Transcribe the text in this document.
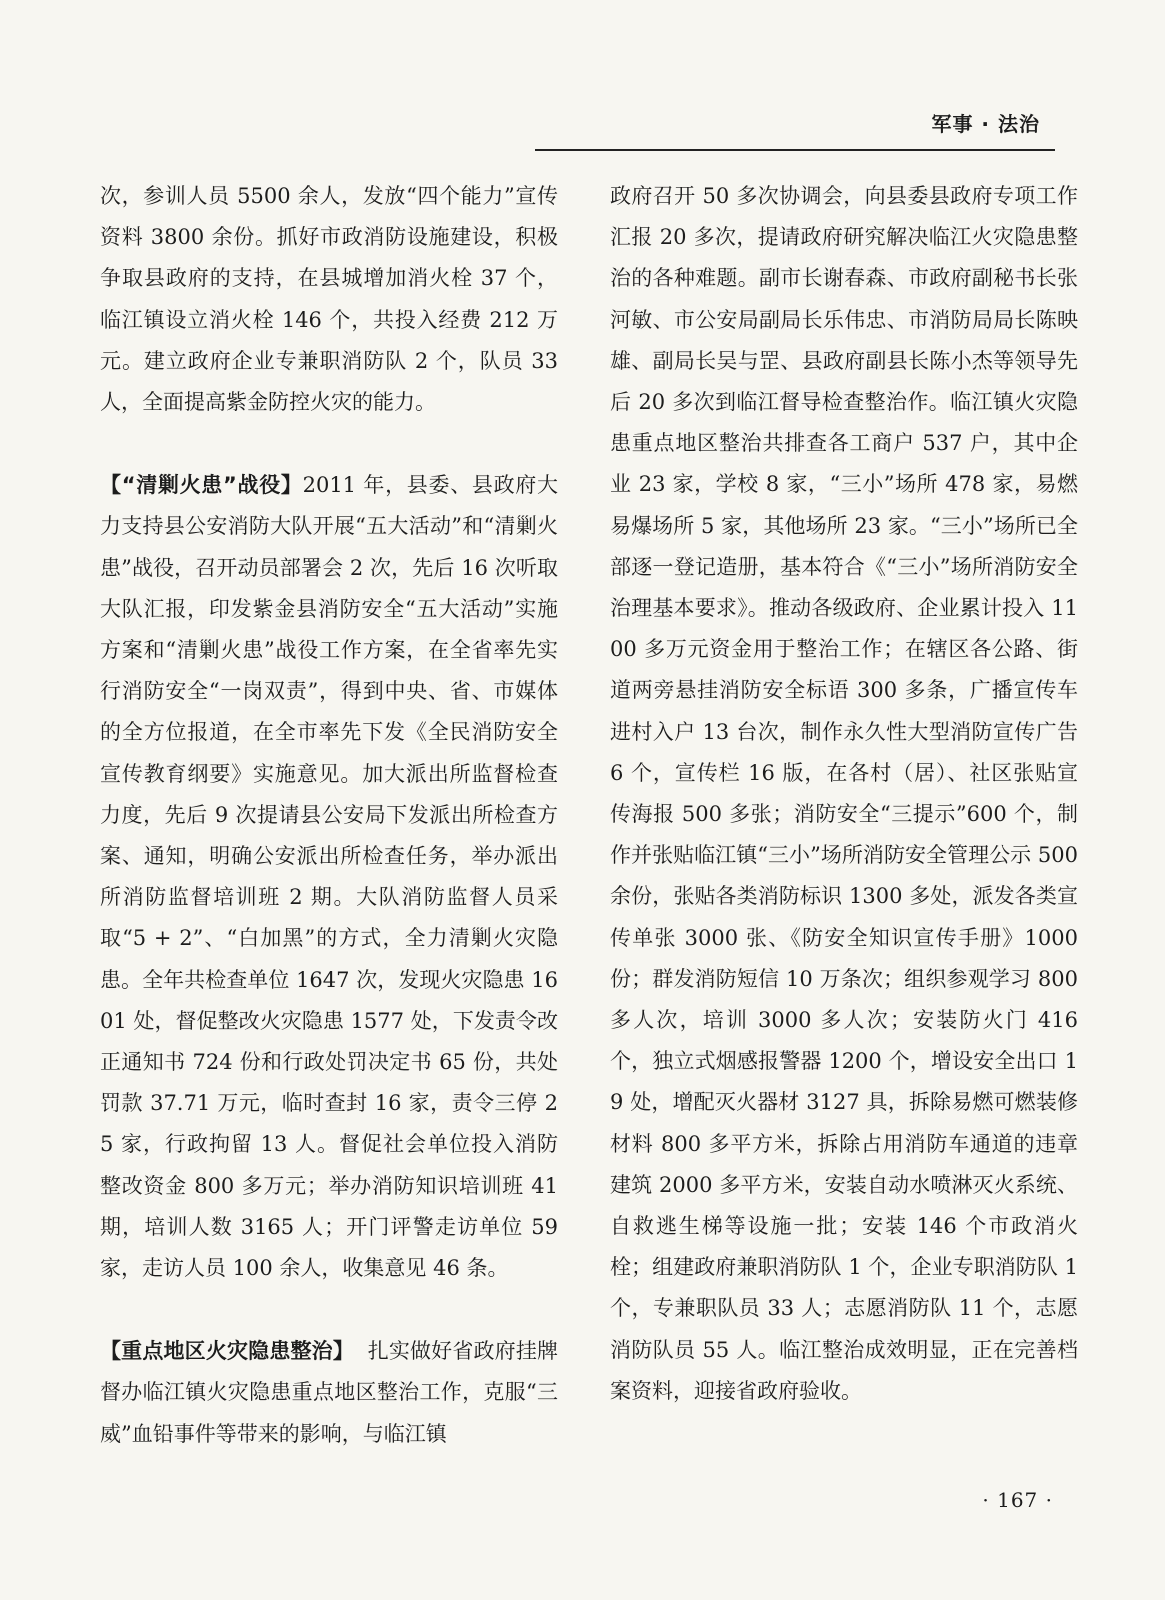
军事 · 法治

次，参训人员 5500 余人，发放“四个能力”宣传资料 3800 余份。抓好市政消防设施建设，积极争取县政府的支持，在县城增加消火栓 37 个，临江镇设立消火栓 146 个，共投入经费 212 万元。建立政府企业专兼职消防队 2 个，队员 33 人，全面提高紫金防控火灾的能力。

【“清剿火患”战役】2011 年，县委、县政府大力支持县公安消防大队开展“五大活动”和“清剿火患”战役，召开动员部署会 2 次，先后 16 次听取大队汇报，印发紫金县消防安全“五大活动”实施方案和“清剿火患”战役工作方案，在全省率先实行消防安全“一岗双责”，得到中央、省、市媒体的全方位报道，在全市率先下发《全民消防安全宣传教育纲要》实施意见。加大派出所监督检查力度，先后 9 次提请县公安局下发派出所检查方案、通知，明确公安派出所检查任务，举办派出所消防监督培训班 2 期。大队消防监督人员采取“5 + 2”、“白加黑”的方式，全力清剿火灾隐患。全年共检查单位 1647 次，发现火灾隐患 1601 处，督促整改火灾隐患 1577 处，下发责令改正通知书 724 份和行政处罚决定书 65 份，共处罚款 37.71 万元，临时查封 16 家，责令三停 25 家，行政拘留 13 人。督促社会单位投入消防整改资金 800 多万元；举办消防知识培训班 41 期，培训人数 3165 人；开门评警走访单位 59 家，走访人员 100 余人，收集意见 46 条。

【重点地区火灾隐患整治】 扎实做好省政府挂牌督办临江镇火灾隐患重点地区整治工作，克服“三威”血铅事件等带来的影响，与临江镇

政府召开 50 多次协调会，向县委县政府专项工作汇报 20 多次，提请政府研究解决临江火灾隐患整治的各种难题。副市长谢春森、市政府副秘书长张河敏、市公安局副局长乐伟忠、市消防局局长陈映雄、副局长吴与罡、县政府副县长陈小杰等领导先后 20 多次到临江督导检查整治作。临江镇火灾隐患重点地区整治共排查各工商户 537 户，其中企业 23 家，学校 8 家，“三小”场所 478 家，易燃易爆场所 5 家，其他场所 23 家。“三小”场所已全部逐一登记造册，基本符合《“三小”场所消防安全治理基本要求》。推动各级政府、企业累计投入 1100 多万元资金用于整治工作；在辖区各公路、街道两旁悬挂消防安全标语 300 多条，广播宣传车进村入户 13 台次，制作永久性大型消防宣传广告 6 个，宣传栏 16 版，在各村（居）、社区张贴宣传海报 500 多张；消防安全“三提示”600 个，制作并张贴临江镇“三小”场所消防安全管理公示 500 余份，张贴各类消防标识 1300 多处，派发各类宣传单张 3000 张、《防安全知识宣传手册》1000 份；群发消防短信 10 万条次；组织参观学习 800 多人次，培训 3000 多人次；安装防火门 416 个，独立式烟感报警器 1200 个，增设安全出口 19 处，增配灭火器材 3127 具，拆除易燃可燃装修材料 800 多平方米，拆除占用消防车通道的违章建筑 2000 多平方米，安装自动水喷淋灭火系统、自救逃生梯等设施一批；安装 146 个市政消火栓；组建政府兼职消防队 1 个，企业专职消防队 1 个，专兼职队员 33 人；志愿消防队 11 个，志愿消防队员 55 人。临江整治成效明显，正在完善档案资料，迎接省政府验收。

· 167 ·
